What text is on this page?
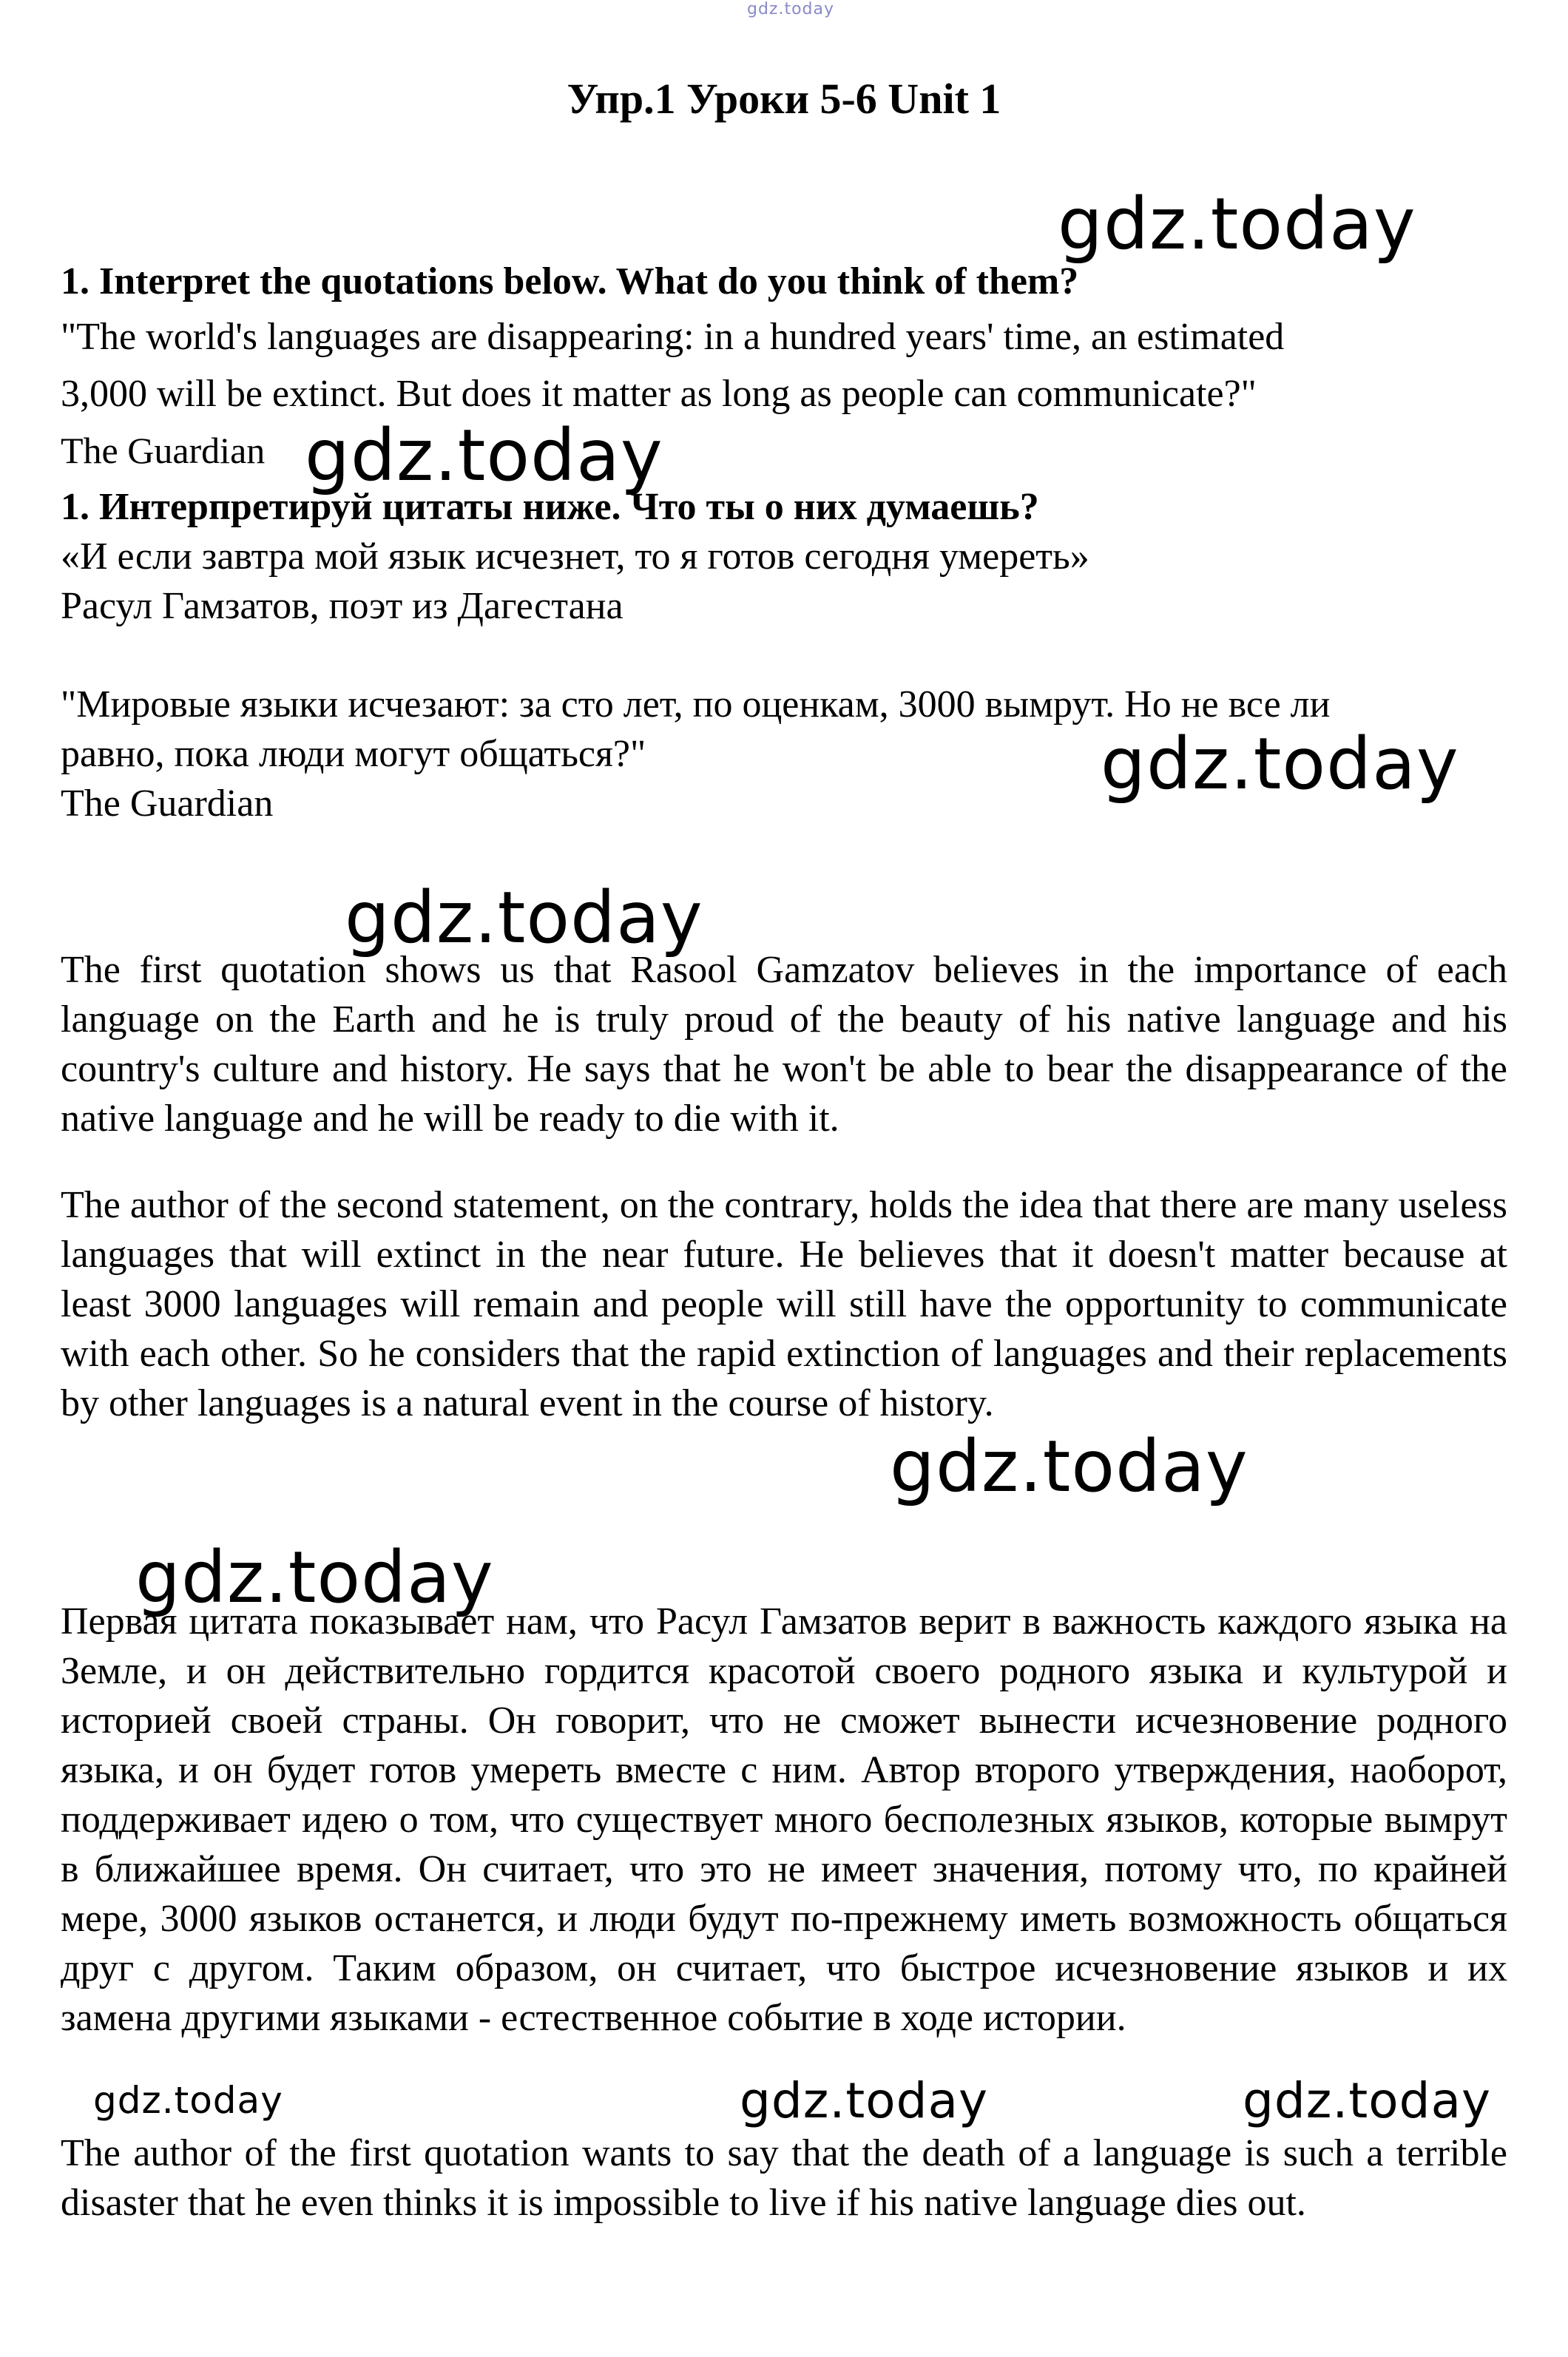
gdz.today
Упр.1 Уроки 5-6 Unit 1
gdz.today
gdz.today
gdz.today
gdz.today
gdz.today
gdz.today
gdz.today	gdz.today	gdz.today
1. Interpret the quotations below. What do you think of them?
"The world's languages are disappearing: in a hundred years' time, an estimated
3,000 will be extinct. But does it matter as long as people can communicate?"
The Guardian
1. Интерпретируй цитаты ниже. Что ты о них думаешь?
«И если завтра мой язык исчезнет, то я готов сегодня умереть»
Расул Гамзатов, поэт из Дагестана
"Мировые языки исчезают: за сто лет, по оценкам, 3000 вымрут. Но не все ли
равно, пока люди могут общаться?"
The Guardian

The first quotation shows us that Rasool Gamzatov believes in the importance of each language on the Earth and he is truly proud of the beauty of his native language and his country's culture and history. He says that he won't be able to bear the disappearance of the native language and he will be ready to die with it.

The author of the second statement, on the contrary, holds the idea that there are many useless languages that will extinct in the near future. He believes that it doesn't matter because at least 3000 languages will remain and people will still have the opportunity to communicate with each other. So he considers that the rapid extinction of languages and their replacements by other languages is a natural event in the course of history.

Первая цитата показывает нам, что Расул Гамзатов верит в важность каждого языка на Земле, и он действительно гордится красотой своего родного языка и культурой и историей своей страны. Он говорит, что не сможет вынести исчезновение родного языка, и он будет готов умереть вместе с ним. Автор второго утверждения, наоборот, поддерживает идею о том, что существует много бесполезных языков, которые вымрут в ближайшее время. Он считает, что это не имеет значения, потому что, по крайней мере, 3000 языков останется, и люди будут по-прежнему иметь возможность общаться друг с другом. Таким образом, он считает, что быстрое исчезновение языков и их замена другими языками - естественное событие в ходе истории.

The author of the first quotation wants to say that the death of a language is such a terrible disaster that he even thinks it is impossible to live if his native language dies out.
